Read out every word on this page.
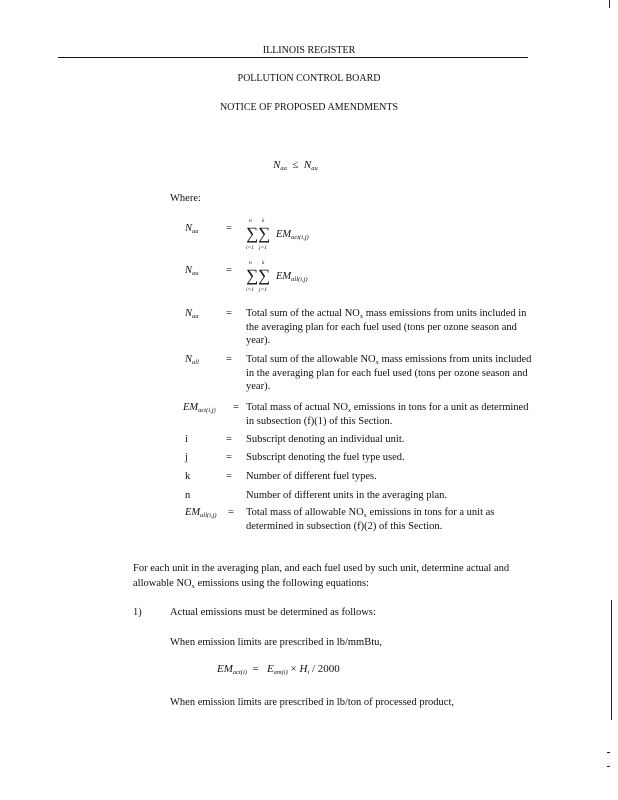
ILLINOIS REGISTER
POLLUTION CONTROL BOARD
NOTICE OF PROPOSED AMENDMENTS
$N_{aa} \le N_{au}$
Where:
$N_{aa}$	=
n k
∑ ∑
i=1 j=1
$EM_{act(i,j)}$
$N_{au}$	=
n k
∑ ∑
i=1 j=1
$EM_{all(i,j)}$
$N_{aa}$	= Total sum of the actual $NO_x$ mass emissions from units included in the averaging plan for each fuel used (tons per ozone season and year).
$N_{all}$	= Total sum of the allowable $NO_x$ mass emissions from units included in the averaging plan for each fuel used (tons per ozone season and year).
$EM_{act(i,j)}$ = Total mass of actual $NO_x$ emissions in tons for a unit as determined in subsection (f)(1) of this Section.
i	= Subscript denoting an individual unit.
j	= Subscript denoting the fuel type used.
k	= Number of different fuel types.
n	Number of different units in the averaging plan.
$EM_{all(i,j)}$ = Total mass of allowable $NO_x$ emissions in tons for a unit as determined in subsection (f)(2) of this Section.
For each unit in the averaging plan, and each fuel used by such unit, determine actual and allowable $NO_x$ emissions using the following equations:
1)	Actual emissions must be determined as follows:
When emission limits are prescribed in lb/mmBtu,
$EM_{act(i)} = E_{am(i)} \times H_i / 2000$
When emission limits are prescribed in lb/ton of processed product,
